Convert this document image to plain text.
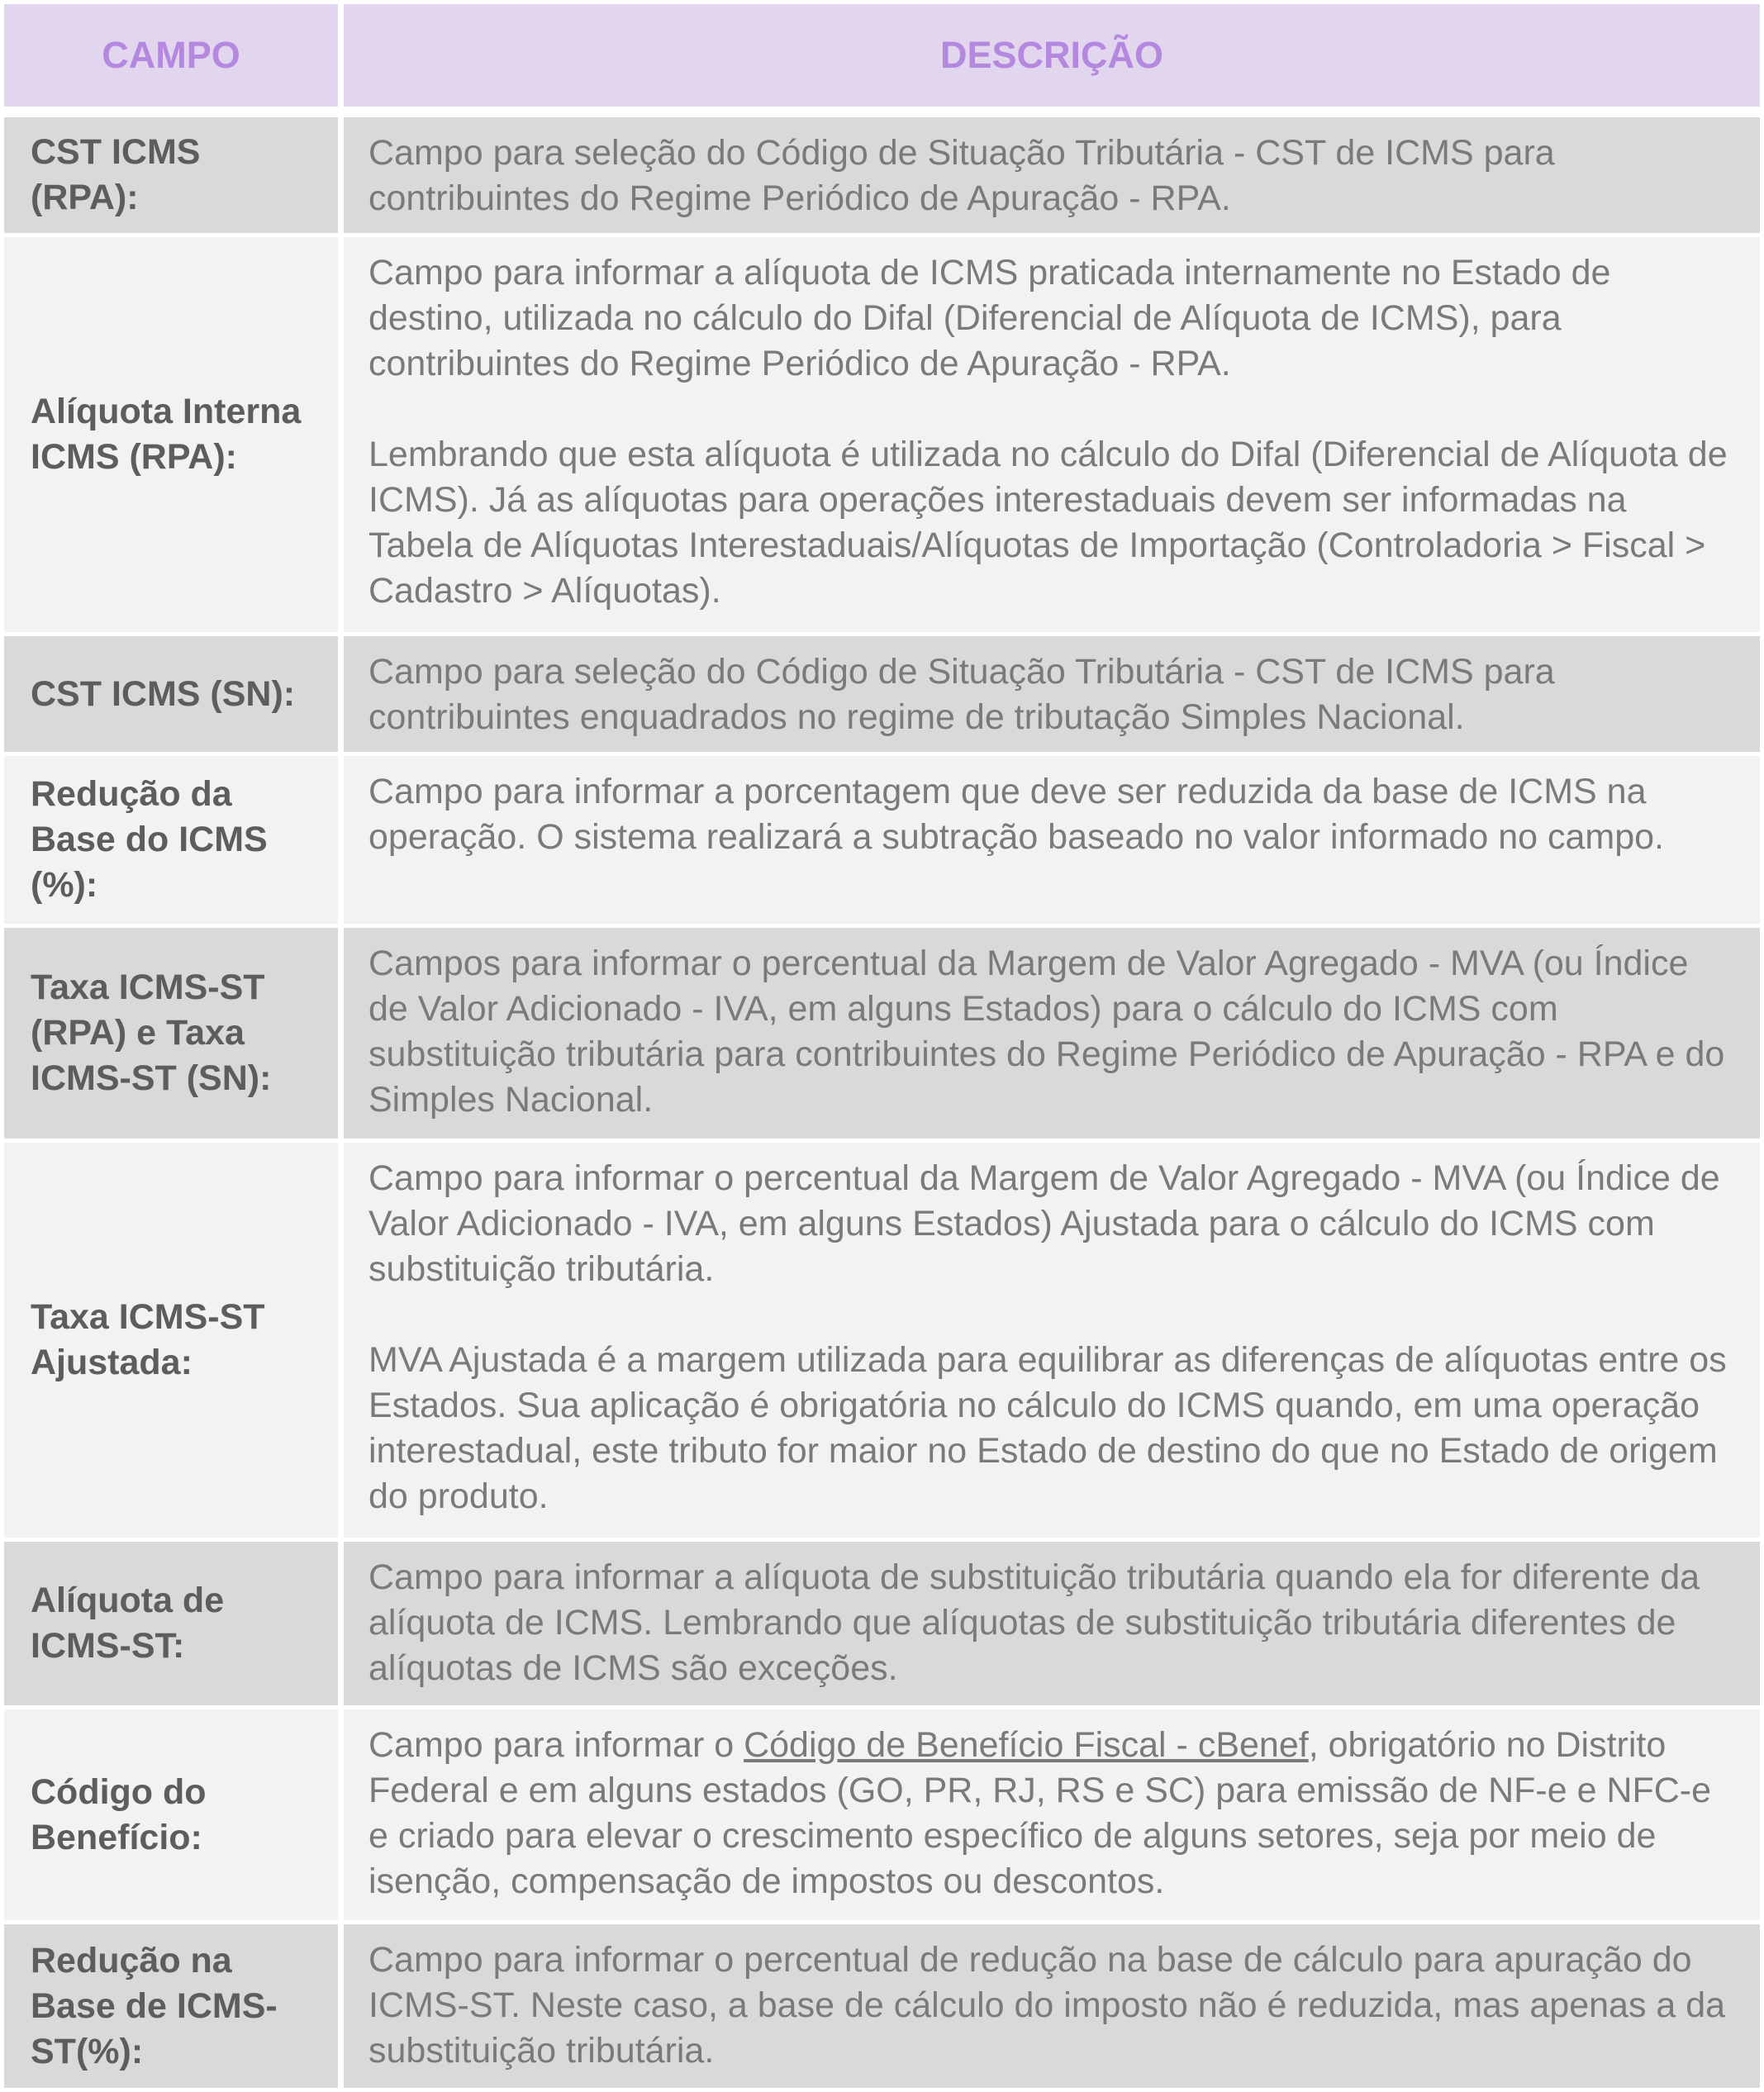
CAMPO	DESCRIÇÃO
CST ICMS (RPA):

Campo para seleção do Código de Situação Tributária - CST de ICMS para contribuintes do Regime Periódico de Apuração - RPA.

Alíquota Interna ICMS (RPA):

Campo para informar a alíquota de ICMS praticada internamente no Estado de destino, utilizada no cálculo do Difal (Diferencial de Alíquota de ICMS), para contribuintes do Regime Periódico de Apuração - RPA.

Lembrando que esta alíquota é utilizada no cálculo do Difal (Diferencial de Alíquota de ICMS). Já as alíquotas para operações interestaduais devem ser informadas na Tabela de Alíquotas Interestaduais/Alíquotas de Importação (Controladoria > Fiscal > Cadastro > Alíquotas).

CST ICMS (SN):

Campo para seleção do Código de Situação Tributária - CST de ICMS para contribuintes enquadrados no regime de tributação Simples Nacional.

Redução da Base do ICMS (%):

Campo para informar a porcentagem que deve ser reduzida da base de ICMS na operação. O sistema realizará a subtração baseado no valor informado no campo.

Taxa ICMS-ST (RPA) e Taxa ICMS-ST (SN):

Campos para informar o percentual da Margem de Valor Agregado - MVA (ou Índice de Valor Adicionado - IVA, em alguns Estados) para o cálculo do ICMS com substituição tributária para contribuintes do Regime Periódico de Apuração - RPA e do Simples Nacional.

Taxa ICMS-ST Ajustada:

Campo para informar o percentual da Margem de Valor Agregado - MVA (ou Índice de Valor Adicionado - IVA, em alguns Estados) Ajustada para o cálculo do ICMS com substituição tributária.

MVA Ajustada é a margem utilizada para equilibrar as diferenças de alíquotas entre os Estados. Sua aplicação é obrigatória no cálculo do ICMS quando, em uma operação interestadual, este tributo for maior no Estado de destino do que no Estado de origem do produto.

Alíquota de ICMS-ST:

Campo para informar a alíquota de substituição tributária quando ela for diferente da alíquota de ICMS. Lembrando que alíquotas de substituição tributária diferentes de alíquotas de ICMS são exceções.

Código do Benefício:

Campo para informar o Código de Benefício Fiscal - cBenef, obrigatório no Distrito Federal e em alguns estados (GO, PR, RJ, RS e SC) para emissão de NF-e e NFC-e e criado para elevar o crescimento específico de alguns setores, seja por meio de isenção, compensação de impostos ou descontos.

Redução na Base de ICMS-ST(%):

Campo para informar o percentual de redução na base de cálculo para apuração do ICMS-ST. Neste caso, a base de cálculo do imposto não é reduzida, mas apenas a da substituição tributária.
